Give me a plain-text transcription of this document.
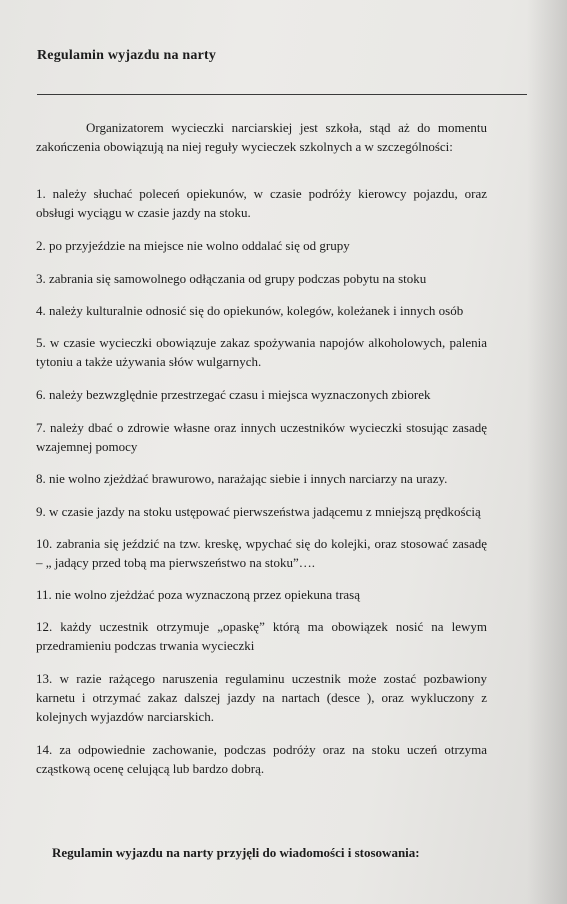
Regulamin wyjazdu na narty
Organizatorem wycieczki narciarskiej jest szkoła, stąd aż do momentu zakończenia obowiązują na niej reguły wycieczek szkolnych a w szczególności:
1. należy słuchać poleceń opiekunów, w czasie podróży kierowcy pojazdu, oraz obsługi wyciągu w czasie jazdy na stoku.
2. po przyjeździe na miejsce nie wolno oddalać się od grupy
3. zabrania się samowolnego odłączania od grupy podczas pobytu na stoku
4. należy kulturalnie odnosić się do opiekunów, kolegów, koleżanek i innych osób
5. w czasie wycieczki obowiązuje zakaz spożywania napojów alkoholowych, palenia tytoniu a także używania słów wulgarnych.
6. należy bezwzględnie przestrzegać czasu i miejsca wyznaczonych zbiorek
7. należy dbać o zdrowie własne oraz innych uczestników wycieczki stosując zasadę wzajemnej pomocy
8. nie wolno zjeżdżać brawurowo, narażając siebie i innych narciarzy na urazy.
9. w czasie jazdy na stoku ustępować pierwszeństwa jadącemu z mniejszą prędkością
10. zabrania się jeździć na tzw. kreskę, wpychać się do kolejki, oraz stosować zasadę – „ jadący przed tobą ma pierwszeństwo na stoku”….
11. nie wolno zjeżdżać poza wyznaczoną przez opiekuna trasą
12. każdy uczestnik otrzymuje „opaskę” którą ma obowiązek nosić na lewym przedramieniu podczas trwania wycieczki
13. w razie rażącego naruszenia regulaminu uczestnik może zostać pozbawiony karnetu i otrzymać zakaz dalszej jazdy na nartach (desce ), oraz wykluczony z kolejnych wyjazdów narciarskich.
14. za odpowiednie zachowanie, podczas podróży oraz na stoku uczeń otrzyma cząstkową ocenę celującą lub bardzo dobrą.
Regulamin wyjazdu na narty przyjęli do wiadomości i stosowania:
